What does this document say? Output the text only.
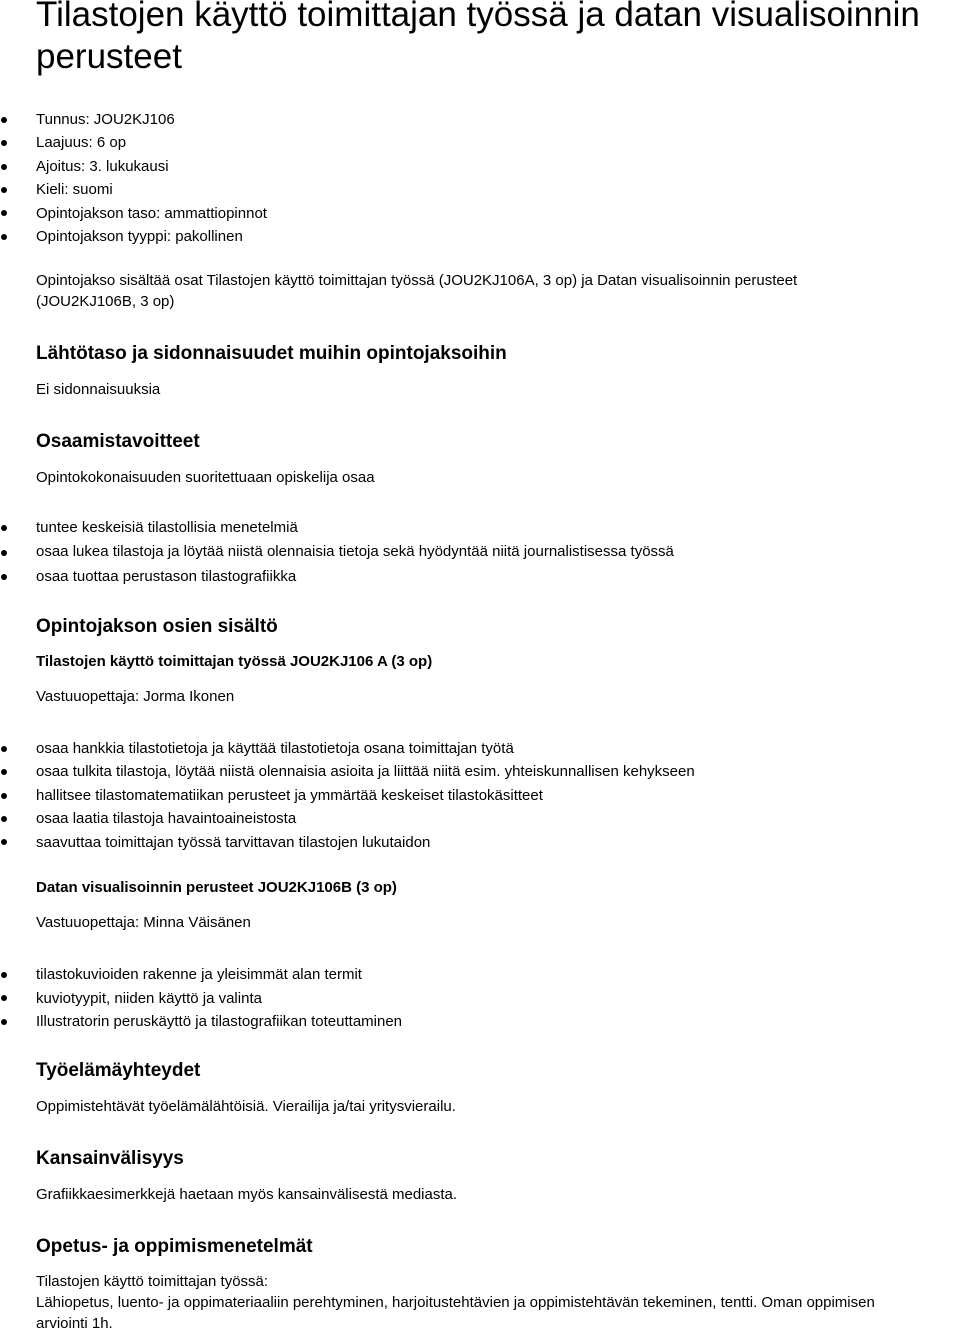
Tilastojen käyttö toimittajan työssä ja datan visualisoinnin perusteet
Tunnus: JOU2KJ106
Laajuus: 6 op
Ajoitus: 3. lukukausi
Kieli: suomi
Opintojakson taso: ammattiopinnot
Opintojakson tyyppi: pakollinen

Opintojakso sisältää osat Tilastojen käyttö toimittajan työssä (JOU2KJ106A, 3 op) ja Datan visualisoinnin perusteet

(JOU2KJ106B, 3 op)

Lähtötaso ja sidonnaisuudet muihin opintojaksoihin

Ei sidonnaisuuksia

Osaamistavoitteet

Opintokokonaisuuden suoritettuaan opiskelija osaa

tuntee keskeisiä tilastollisia menetelmiä
osaa lukea tilastoja ja löytää niistä olennaisia tietoja sekä hyödyntää niitä journalistisessa työssä
osaa tuottaa perustason tilastografiikka
Opintojakson osien sisältö

Tilastojen käyttö toimittajan työssä JOU2KJ106 A (3 op)

Vastuuopettaja: Jorma Ikonen

osaa hankkia tilastotietoja ja käyttää tilastotietoja osana toimittajan työtä
osaa tulkita tilastoja, löytää niistä olennaisia asioita ja liittää niitä esim. yhteiskunnallisen kehykseen
hallitsee tilastomatematiikan perusteet ja ymmärtää keskeiset tilastokäsitteet
osaa laatia tilastoja havaintoaineistosta
saavuttaa toimittajan työssä tarvittavan tilastojen lukutaidon

Datan visualisoinnin perusteet JOU2KJ106B (3 op)

Vastuuopettaja: Minna Väisänen

tilastokuvioiden rakenne ja yleisimmät alan termit
kuviotyypit, niiden käyttö ja valinta
Illustratorin peruskäyttö ja tilastografiikan toteuttaminen
Työelämäyhteydet

Oppimistehtävät työelämälähtöisiä. Vierailija ja/tai yritysvierailu.

Kansainvälisyys

Grafiikkaesimerkkejä haetaan myös kansainvälisestä mediasta.

Opetus- ja oppimismenetelmät

Tilastojen käyttö toimittajan työssä:

Lähiopetus, luento- ja oppimateriaaliin perehtyminen, harjoitustehtävien ja oppimistehtävän tekeminen, tentti. Oman oppimisen

arviointi 1h.
